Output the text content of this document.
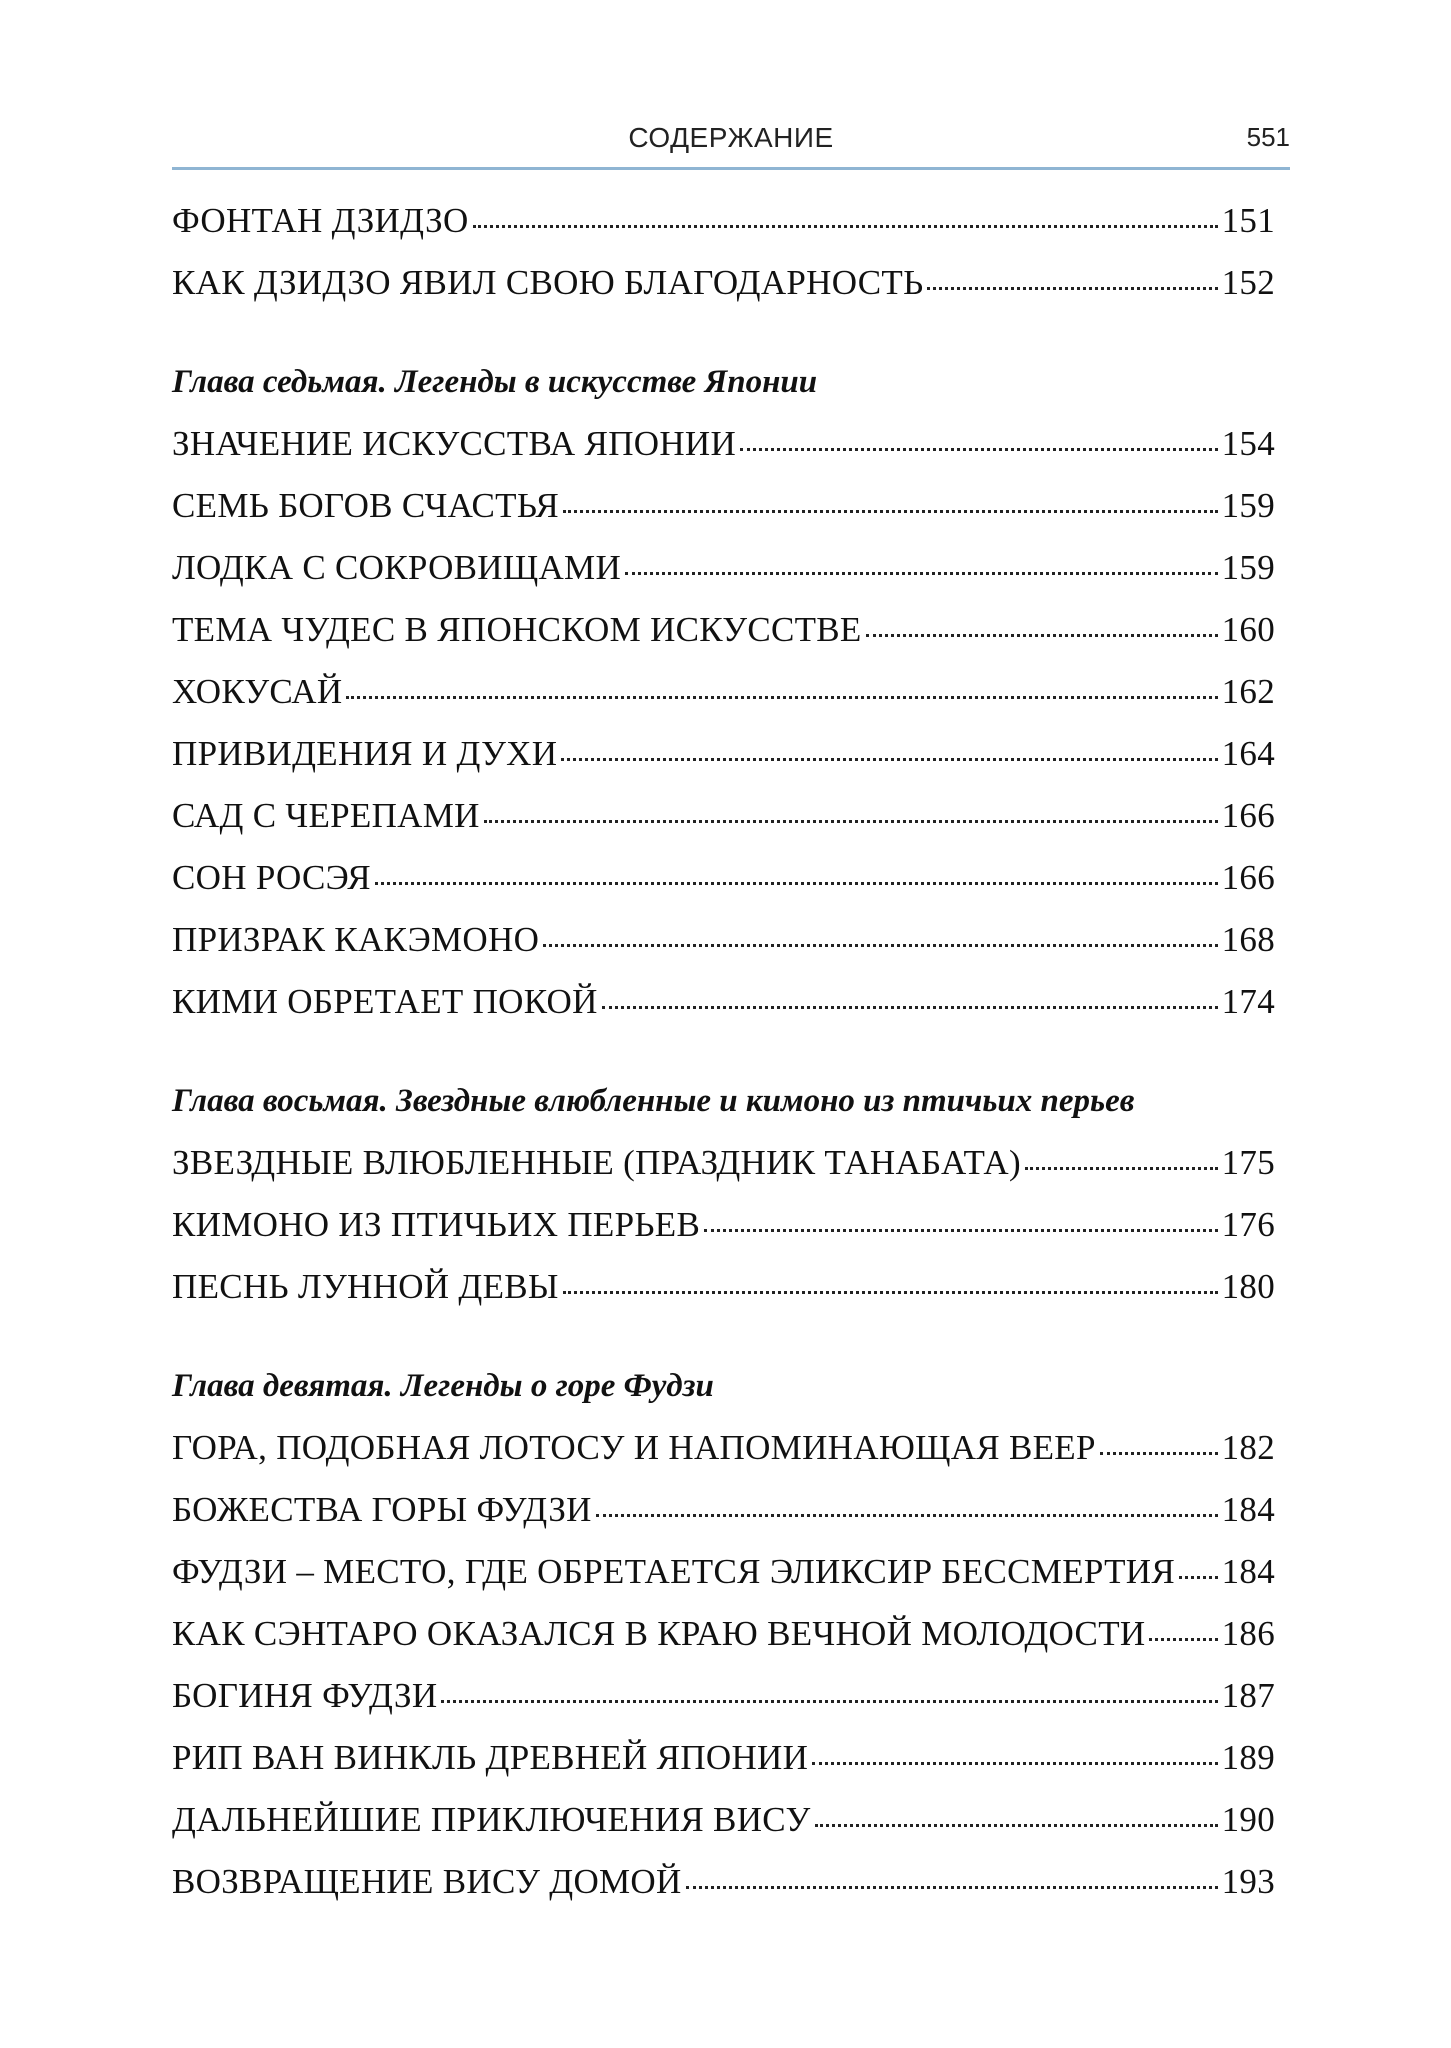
СОДЕРЖАНИЕ	551
ФОНТАН ДЗИДЗО	151
КАК ДЗИДЗО ЯВИЛ СВОЮ БЛАГОДАРНОСТЬ	152
Глава седьмая. Легенды в искусстве Японии
ЗНАЧЕНИЕ ИСКУССТВА ЯПОНИИ	154
СЕМЬ БОГОВ СЧАСТЬЯ	159
ЛОДКА С СОКРОВИЩАМИ	159
ТЕМА ЧУДЕС В ЯПОНСКОМ ИСКУССТВЕ	160
ХОКУСАЙ	162
ПРИВИДЕНИЯ И ДУХИ	164
САД С ЧЕРЕПАМИ	166
СОН РОСЭЯ	166
ПРИЗРАК КАКЭМОНО	168
КИМИ ОБРЕТАЕТ ПОКОЙ	174
Глава восьмая. Звездные влюбленные и кимоно из птичьих перьев
ЗВЕЗДНЫЕ ВЛЮБЛЕННЫЕ (ПРАЗДНИК ТАНАБАТА)	175
КИМОНО ИЗ ПТИЧЬИХ ПЕРЬЕВ	176
ПЕСНЬ ЛУННОЙ ДЕВЫ	180
Глава девятая. Легенды о горе Фудзи
ГОРА, ПОДОБНАЯ ЛОТОСУ И НАПОМИНАЮЩАЯ ВЕЕР	182
БОЖЕСТВА ГОРЫ ФУДЗИ	184
ФУДЗИ – МЕСТО, ГДЕ ОБРЕТАЕТСЯ ЭЛИКСИР БЕССМЕРТИЯ 184
КАК СЭНТАРО ОКАЗАЛСЯ В КРАЮ ВЕЧНОЙ МОЛОДОСТИ 186
БОГИНЯ ФУДЗИ	187
РИП ВАН ВИНКЛЬ ДРЕВНЕЙ ЯПОНИИ	189
ДАЛЬНЕЙШИЕ ПРИКЛЮЧЕНИЯ ВИСУ	190
ВОЗВРАЩЕНИЕ ВИСУ ДОМОЙ	193
